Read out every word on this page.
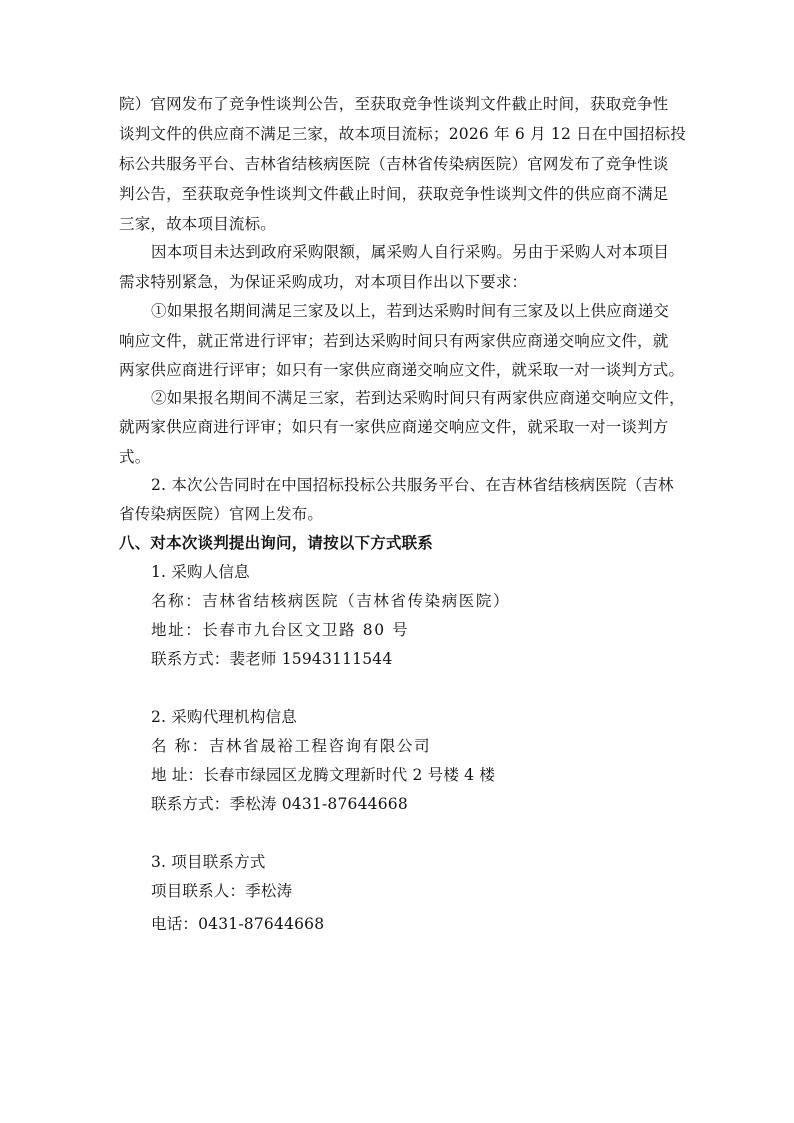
院）官网发布了竞争性谈判公告，至获取竞争性谈判文件截止时间，获取竞争性
谈判文件的供应商不满足三家，故本项目流标；2026 年 6 月 12 日在中国招标投
标公共服务平台、吉林省结核病医院（吉林省传染病医院）官网发布了竞争性谈
判公告，至获取竞争性谈判文件截止时间，获取竞争性谈判文件的供应商不满足
三家，故本项目流标。
因本项目未达到政府采购限额，属采购人自行采购。另由于采购人对本项目
需求特别紧急，为保证采购成功，对本项目作出以下要求：
①如果报名期间满足三家及以上，若到达采购时间有三家及以上供应商递交
响应文件，就正常进行评审；若到达采购时间只有两家供应商递交响应文件，就
两家供应商进行评审；如只有一家供应商递交响应文件，就采取一对一谈判方式。
②如果报名期间不满足三家，若到达采购时间只有两家供应商递交响应文件，
就两家供应商进行评审；如只有一家供应商递交响应文件，就采取一对一谈判方
式。
2. 本次公告同时在中国招标投标公共服务平台、在吉林省结核病医院（吉林
省传染病医院）官网上发布。
八、对本次谈判提出询问，请按以下方式联系
1. 采购人信息
名称：吉林省结核病医院（吉林省传染病医院）
地址：长春市九台区文卫路 80 号
联系方式：裴老师 15943111544
2. 采购代理机构信息
名 称：吉林省晟裕工程咨询有限公司
地 址：长春市绿园区龙腾文理新时代 2 号楼 4 楼
联系方式：季松涛 0431-87644668
3. 项目联系方式
项目联系人：季松涛
电话：0431-87644668
